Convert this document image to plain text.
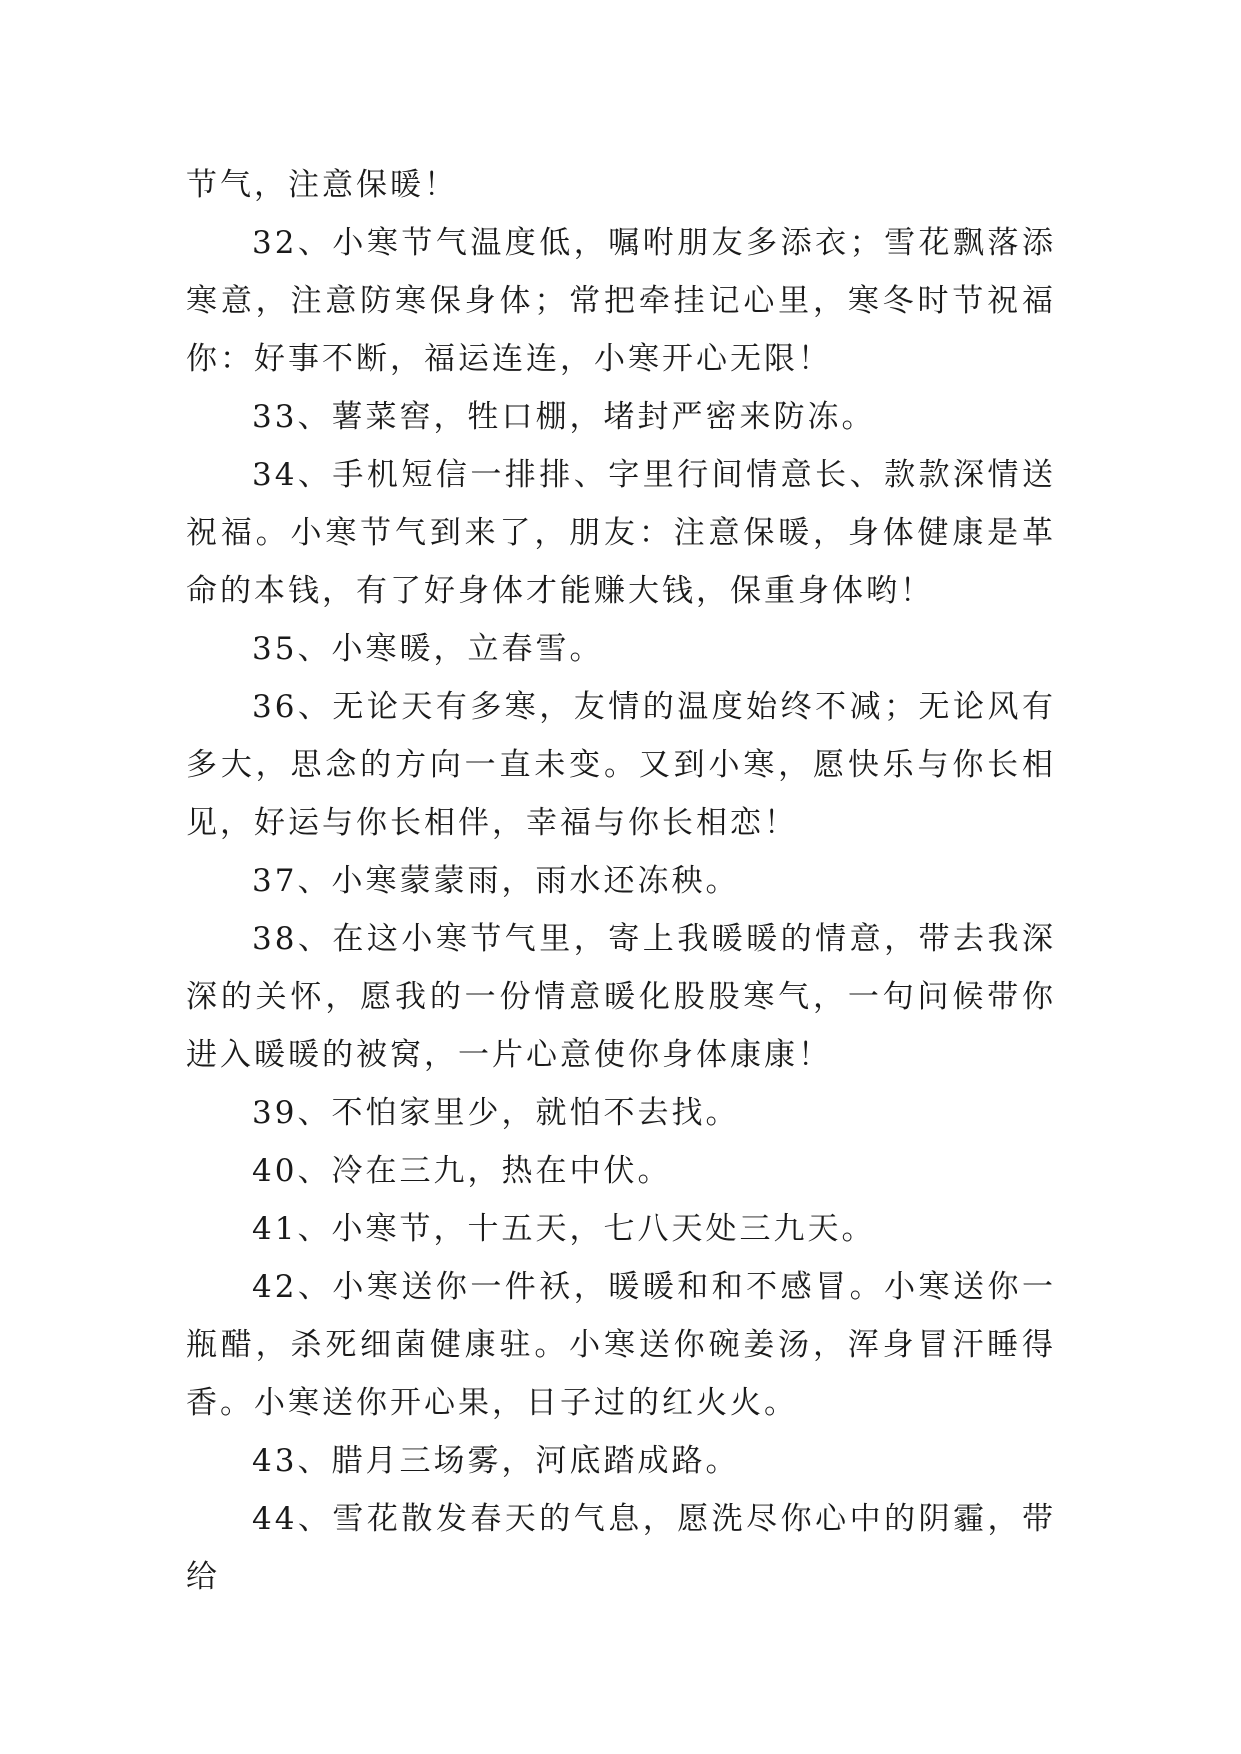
节气，注意保暖！

32、小寒节气温度低，嘱咐朋友多添衣；雪花飘落添寒意，注意防寒保身体；常把牵挂记心里，寒冬时节祝福你：好事不断，福运连连，小寒开心无限！

33、薯菜窖，牲口棚，堵封严密来防冻。

34、手机短信一排排、字里行间情意长、款款深情送祝福。小寒节气到来了，朋友：注意保暖，身体健康是革命的本钱，有了好身体才能赚大钱，保重身体哟！

35、小寒暖，立春雪。

36、无论天有多寒，友情的温度始终不减；无论风有多大，思念的方向一直未变。又到小寒，愿快乐与你长相见，好运与你长相伴，幸福与你长相恋！

37、小寒蒙蒙雨，雨水还冻秧。

38、在这小寒节气里，寄上我暖暖的情意，带去我深深的关怀，愿我的一份情意暖化股股寒气，一句问候带你进入暖暖的被窝，一片心意使你身体康康！

39、不怕家里少，就怕不去找。

40、冷在三九，热在中伏。

41、小寒节，十五天，七八天处三九天。

42、小寒送你一件袄，暖暖和和不感冒。小寒送你一瓶醋，杀死细菌健康驻。小寒送你碗姜汤，浑身冒汗睡得香。小寒送你开心果，日子过的红火火。

43、腊月三场雾，河底踏成路。

44、雪花散发春天的气息，愿洗尽你心中的阴霾，带给
